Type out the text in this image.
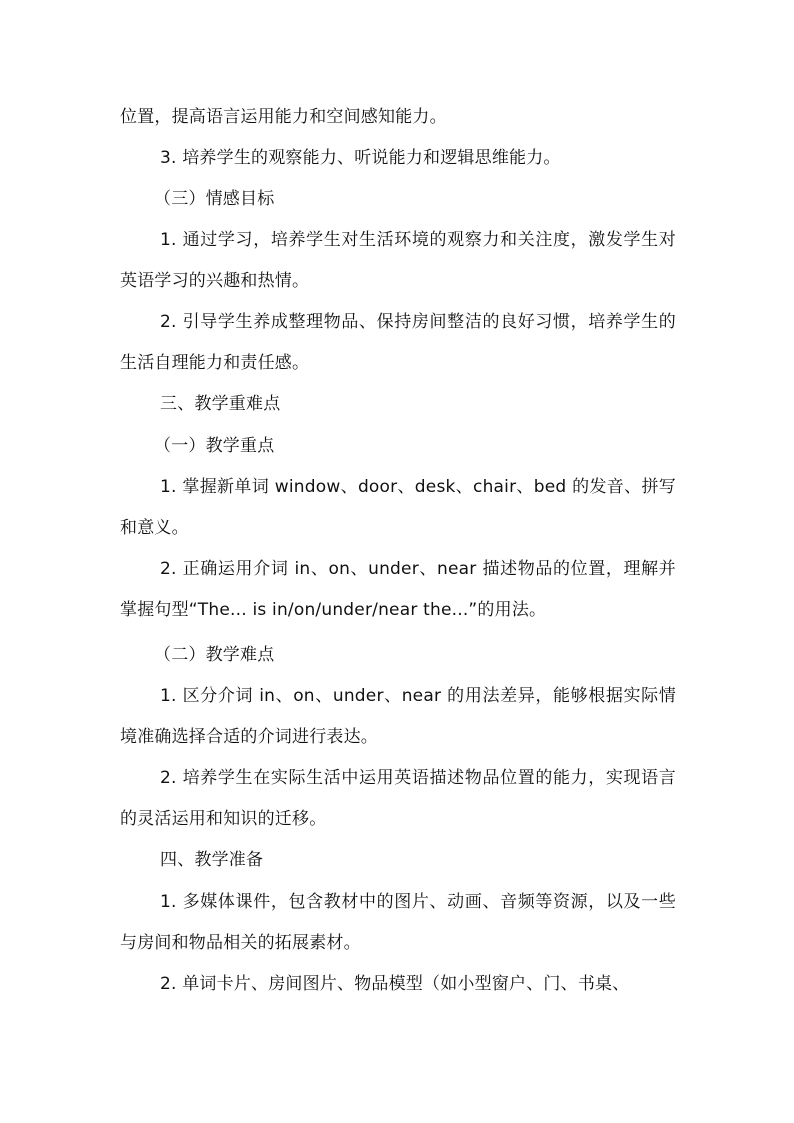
位置，提高语言运用能力和空间感知能力。

3. 培养学生的观察能力、听说能力和逻辑思维能力。

（三）情感目标

1. 通过学习，培养学生对生活环境的观察力和关注度，激发学生对英语学习的兴趣和热情。

2. 引导学生养成整理物品、保持房间整洁的良好习惯，培养学生的生活自理能力和责任感。

三、教学重难点

（一）教学重点

1. 掌握新单词 window、door、desk、chair、bed 的发音、拼写和意义。

2. 正确运用介词 in、on、under、near 描述物品的位置，理解并掌握句型“The... is in/on/under/near the...”的用法。

（二）教学难点

1. 区分介词 in、on、under、near 的用法差异，能够根据实际情境准确选择合适的介词进行表达。

2. 培养学生在实际生活中运用英语描述物品位置的能力，实现语言的灵活运用和知识的迁移。

四、教学准备

1. 多媒体课件，包含教材中的图片、动画、音频等资源，以及一些与房间和物品相关的拓展素材。

2. 单词卡片、房间图片、物品模型（如小型窗户、门、书桌、
